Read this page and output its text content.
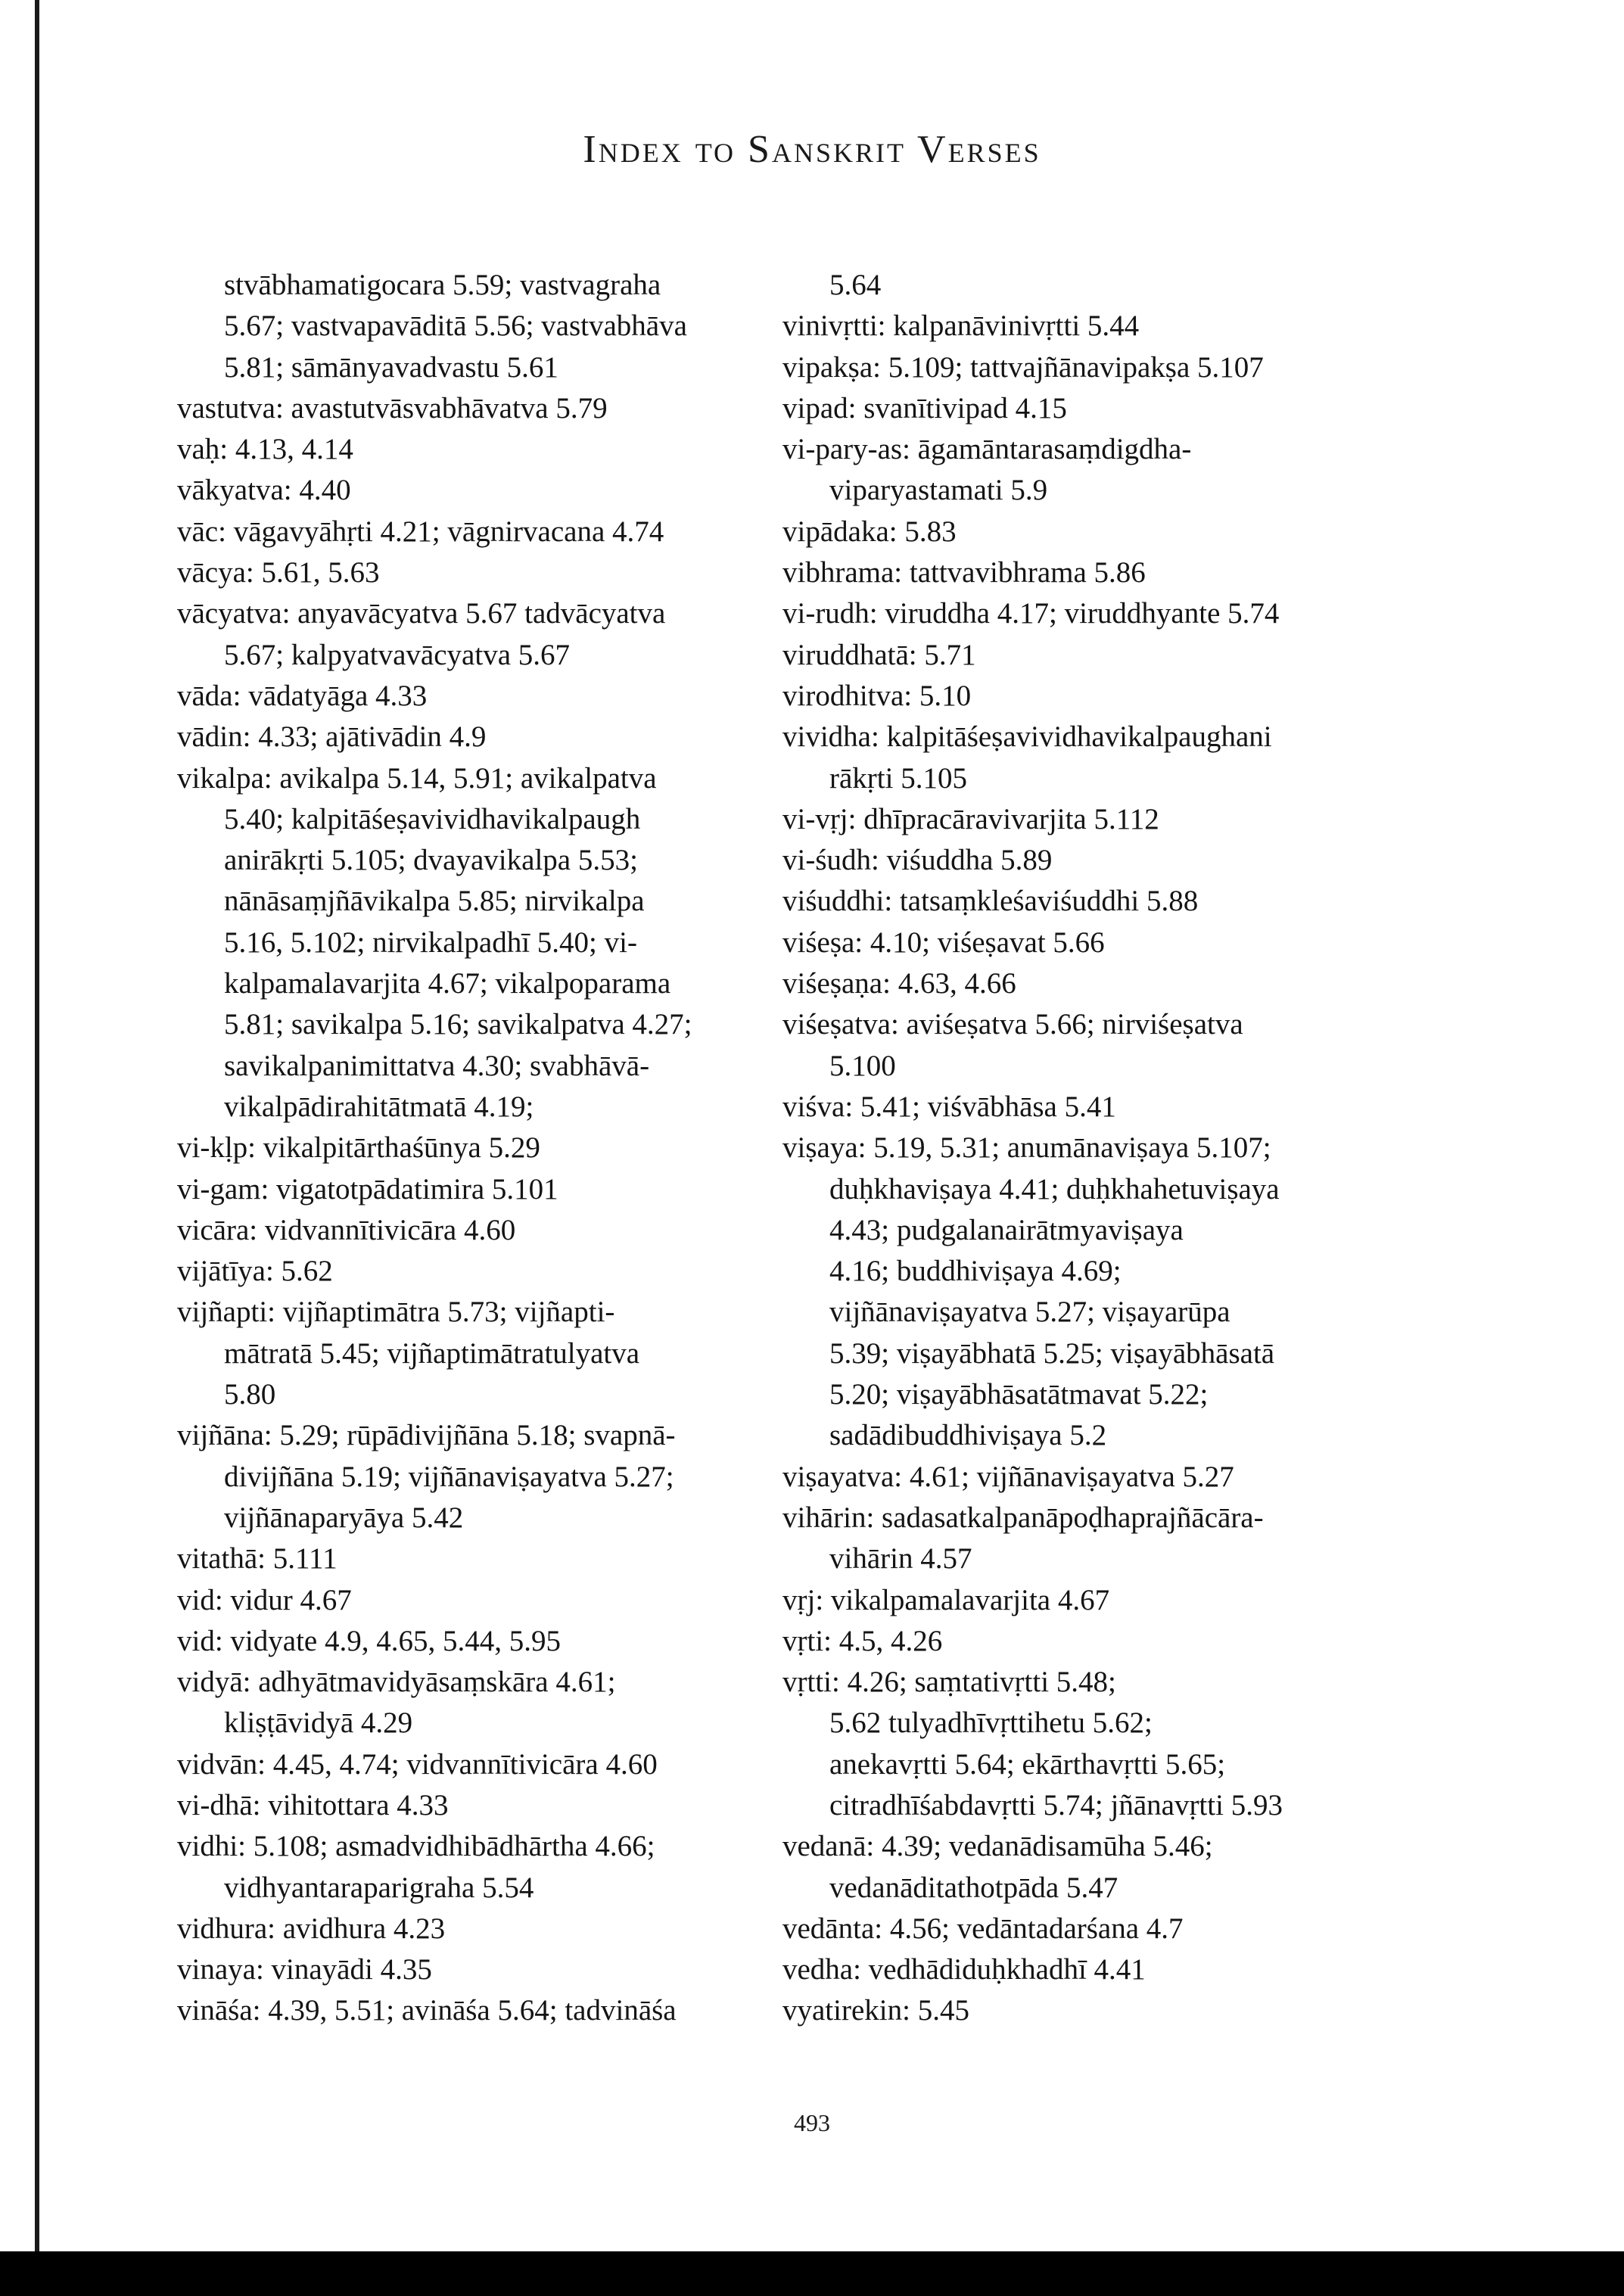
Index to Sanskrit Verses
stvābhamatigocara 5.59; vastvagraha
5.67; vastvapavāditā 5.56; vastvabhāva
5.81; sāmānyavadvastu 5.61
vastutva: avastutvāsvabhāvatva 5.79
vaḥ: 4.13, 4.14
vākyatva: 4.40
vāc: vāgavyāhṛti 4.21; vāgnirvacana 4.74
vācya: 5.61, 5.63
vācyatva: anyavācyatva 5.67 tadvācyatva
5.67; kalpyatvavācyatva 5.67
vāda: vādatyāga 4.33
vādin: 4.33; ajātivādin 4.9
vikalpa: avikalpa 5.14, 5.91; avikalpatva
5.40; kalpitāśeṣavividhavikalpaugh
anirākṛti 5.105; dvayavikalpa 5.53;
nānāsaṃjñāvikalpa 5.85; nirvikalpa
5.16, 5.102; nirvikalpadhī 5.40; vi-
kalpamalavarjita 4.67; vikalpoparama
5.81; savikalpa 5.16; savikalpatva 4.27;
savikalpanimittatva 4.30; svabhāvā-
vikalpādirahitātmatā 4.19;
vi-kḷp: vikalpitārthaśūnya 5.29
vi-gam: vigatotpādatimira 5.101
vicāra: vidvannītivicāra 4.60
vijātīya: 5.62
vijñapti: vijñaptimātra 5.73; vijñapti-
mātratā 5.45; vijñaptimātratulyatva
5.80
vijñāna: 5.29; rūpādivijñāna 5.18; svapnā-
divijñāna 5.19; vijñānaviṣayatva 5.27;
vijñānaparyāya 5.42
vitathā: 5.111
vid: vidur 4.67
vid: vidyate 4.9, 4.65, 5.44, 5.95
vidyā: adhyātmavidyāsaṃskāra 4.61;
kliṣṭāvidyā 4.29
vidvān: 4.45, 4.74; vidvannītivicāra 4.60
vi-dhā: vihitottara 4.33
vidhi: 5.108; asmadvidhibādhārtha 4.66;
vidhyantaraparigraha 5.54
vidhura: avidhura 4.23
vinaya: vinayādi 4.35
vināśa: 4.39, 5.51; avināśa 5.64; tadvināśa
5.64
vinivṛtti: kalpanāvinivṛtti 5.44
vipakṣa: 5.109; tattvajñānavipakṣa 5.107
vipad: svanītivipad 4.15
vi-pary-as: āgamāntarasaṃdigdha-
viparyastamati 5.9
vipādaka: 5.83
vibhrama: tattvavibhrama 5.86
vi-rudh: viruddha 4.17; viruddhyante 5.74
viruddhatā: 5.71
virodhitva: 5.10
vividha: kalpitāśeṣavividhavikalpaughani
rākṛti 5.105
vi-vṛj: dhīpracāravivarjita 5.112
vi-śudh: viśuddha 5.89
viśuddhi: tatsaṃkleśaviśuddhi 5.88
viśeṣa: 4.10; viśeṣavat 5.66
viśeṣaṇa: 4.63, 4.66
viśeṣatva: aviśeṣatva 5.66; nirviśeṣatva
5.100
viśva: 5.41; viśvābhāsa 5.41
viṣaya: 5.19, 5.31; anumānaviṣaya 5.107;
duḥkhaviṣaya 4.41; duḥkhahetuviṣaya
4.43; pudgalanairātmyaviṣaya
4.16; buddhiviṣaya 4.69;
vijñānaviṣayatva 5.27; viṣayarūpa
5.39; viṣayābhatā 5.25; viṣayābhāsatā
5.20; viṣayābhāsatātmavat 5.22;
sadādibuddhiviṣaya 5.2
viṣayatva: 4.61; vijñānaviṣayatva 5.27
vihārin: sadasatkalpanāpoḍhaprajñācāra-
vihārin 4.57
vṛj: vikalpamalavarjita 4.67
vṛti: 4.5, 4.26
vṛtti: 4.26; saṃtativṛtti 5.48;
5.62 tulyadhīvṛttihetu 5.62;
anekavṛtti 5.64; ekārthavṛtti 5.65;
citradhīśabdavṛtti 5.74; jñānavṛtti 5.93
vedanā: 4.39; vedanādisamūha 5.46;
vedanāditathotpāda 5.47
vedānta: 4.56; vedāntadarśana 4.7
vedha: vedhādiduḥkhadhī 4.41
vyatirekin: 5.45
493
